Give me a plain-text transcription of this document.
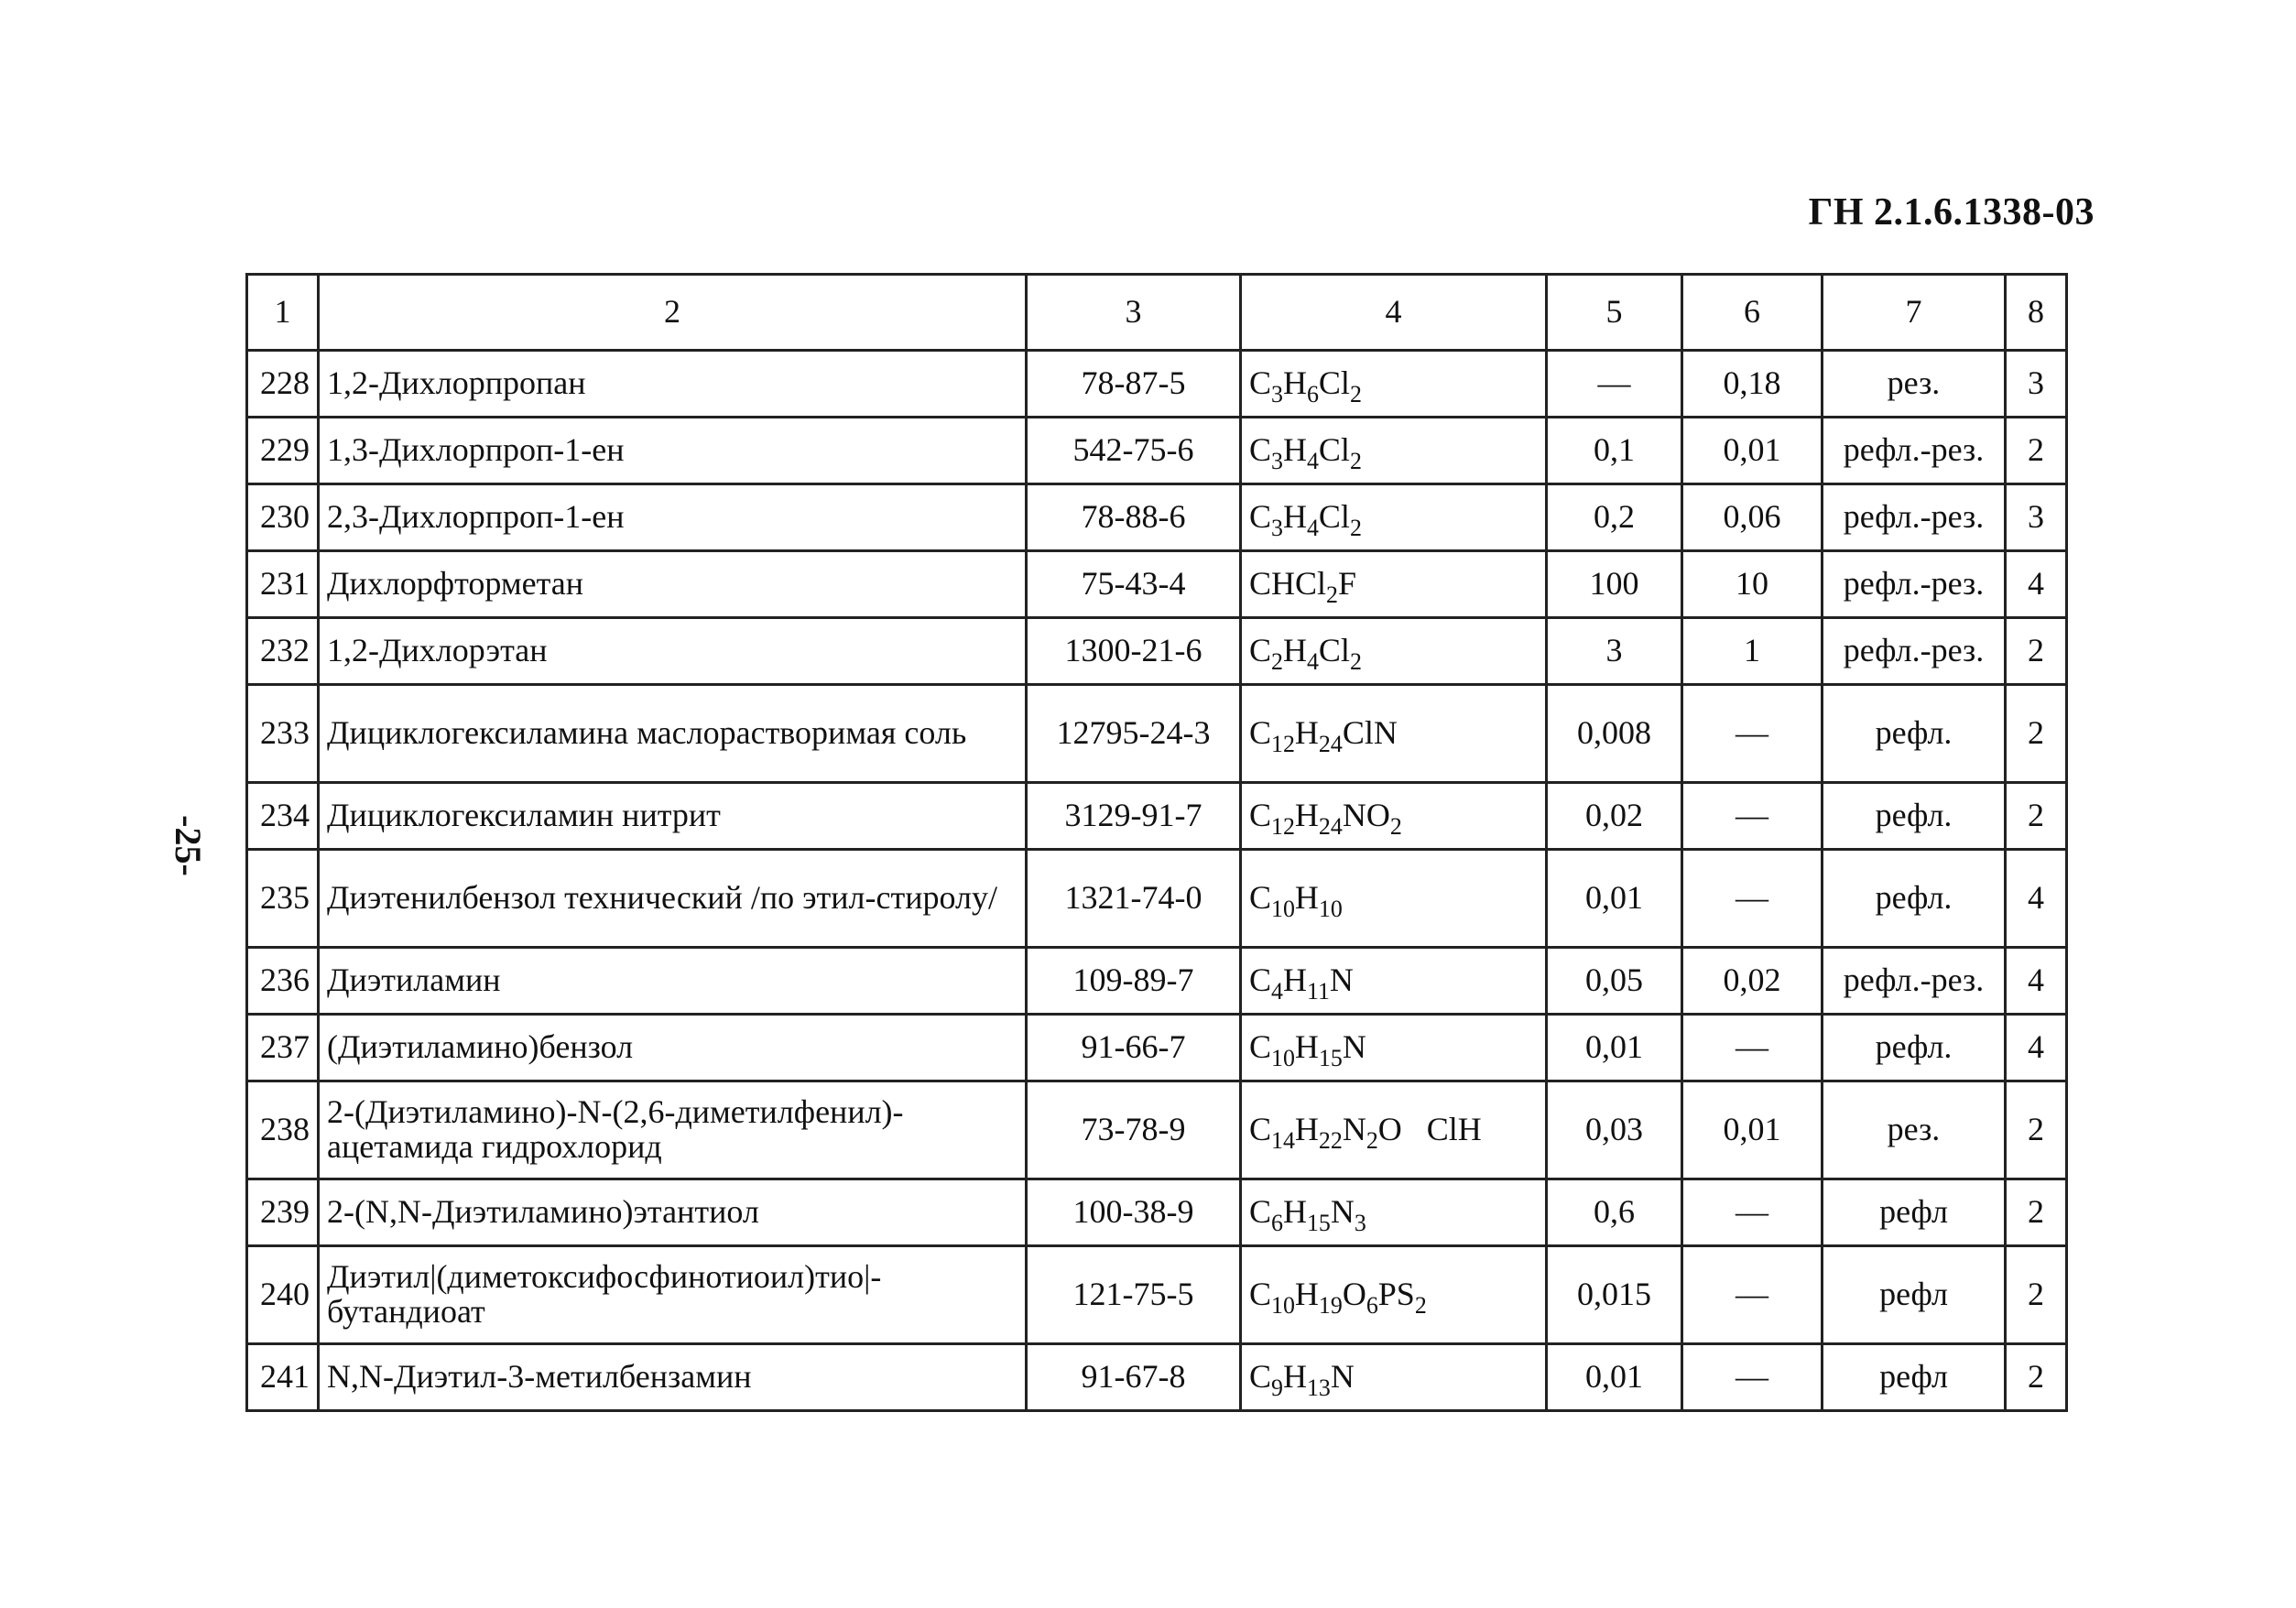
ГН 2.1.6.1338-03
-25-
1	2	3	4	5	6	7	8
228	1,2-Дихлорпропан	78-87-5	$C_3H_6Cl_2$	—	0,18	рез.	3
229	1,3-Дихлорпроп-1-ен	542-75-6	$C_3H_4Cl_2$	0,1	0,01	рефл.-рез.	2
230	2,3-Дихлорпроп-1-ен	78-88-6	$C_3H_4Cl_2$	0,2	0,06	рефл.-рез.	3
231	Дихлорфторметан	75-43-4	CHCl$_2$F	100	10	рефл.-рез.	4
232	1,2-Дихлорэтан	1300-21-6	$C_2H_4Cl_2$	3	1	рефл.-рез.	2
233	Дициклогексиламина маслорастворимая соль	12795-24-3	$C_{12}H_{24}ClN$	0,008	—	рефл.	2
234	Дициклогексиламин нитрит	3129-91-7	$C_{12}H_{24}NO_2$	0,02	—	рефл.	2
235	Диэтенилбензол технический /по этил-стиролу/	1321-74-0	$C_{10}H_{10}$	0,01	—	рефл.	4
236	Диэтиламин	109-89-7	$C_4H_{11}N$	0,05	0,02	рефл.-рез.	4
237	(Диэтиламино)бензол	91-66-7	$C_{10}H_{15}N$	0,01	—	рефл.	4
238	2-(Диэтиламино)-N-(2,6-диметилфенил)-ацетамида гидрохлорид	73-78-9	$C_{14}H_{22}N_2O$   ClH	0,03	0,01	рез.	2
239	2-(N,N-Диэтиламино)этантиол	100-38-9	$C_6H_{15}N_3$	0,6	—	рефл	2
240	Диэтил|(диметоксифосфинотиоил)тио|-бутандиоат	121-75-5	$C_{10}H_{19}O_6PS_2$	0,015	—	рефл	2
241	N,N-Диэтил-3-метилбензамин	91-67-8	$C_9H_{13}N$	0,01	—	рефл	2
